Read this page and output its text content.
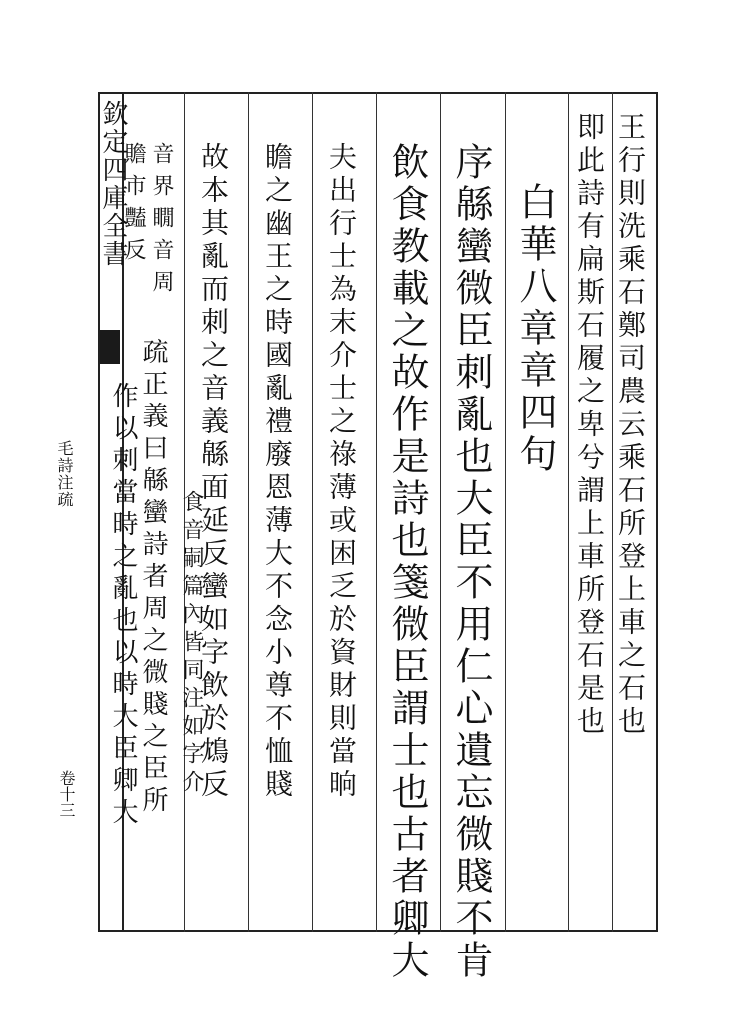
欽定四庫全書
毛詩注疏
卷十三
王行則洗乘石鄭司農云乘石所登上車之石也
即此詩有扁斯石履之卑兮謂上車所登石是也
白華八章章四句
序緜蠻微臣刺亂也大臣不用仁心遺忘微賤不肯
飲食教載之故作是詩也箋微臣謂士也古者卿大
夫出行士為末介士之祿薄或困乏於資財則當晌
瞻之幽王之時國亂禮廢恩薄大不念小尊不恤賤
故本其亂而刺之音義緜面延反蠻如字飲於鴆反
食音嗣篇內皆同注如字介
音界瞯音周
贍市豔反
疏正義曰緜蠻詩者周之微賤之臣所
作以刺當時之亂也以時大臣卿大
